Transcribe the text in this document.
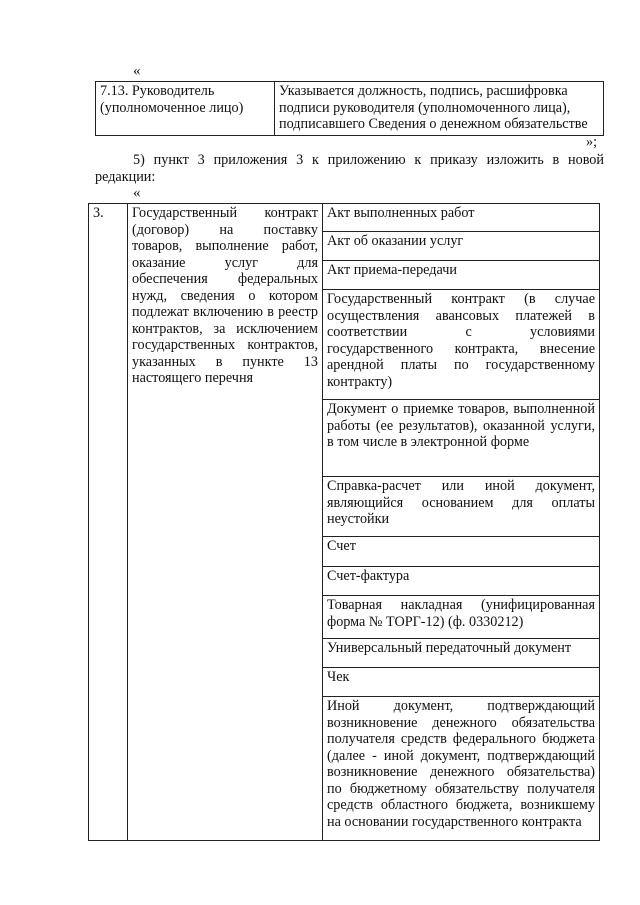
«
7.13. Руководитель (уполномоченное лицо)	Указывается должность, подпись, расшифровка подписи руководителя (уполномоченного лица), подписавшего Сведения о денежном обязательстве
»;
5) пункт 3 приложения 3 к приложению к приказу изложить в новой редакции:
«
3.	Государственный контракт (договор) на поставку товаров, выполнение работ, оказание услуг для обеспечения федеральных нужд, сведения о котором подлежат включению в реестр контрактов, за исключением государственных контрактов, указанных в пункте 13 настоящего перечня	Акт выполненных работ
Акт об оказании услуг
Акт приема-передачи
Государственный контракт (в случае осуществления авансовых платежей в соответствии с условиями государственного контракта, внесение арендной платы по государственному контракту)
Документ о приемке товаров, выполненной работы (ее результатов), оказанной услуги, в том числе в электронной форме
Справка-расчет или иной документ, являющийся основанием для оплаты неустойки
Счет
Счет-фактура
Товарная накладная (унифицированная форма № ТОРГ-12) (ф. 0330212)
Универсальный передаточный документ
Чек
Иной документ, подтверждающий возникновение денежного обязательства получателя средств федерального бюджета (далее - иной документ, подтверждающий возникновение денежного обязательства) по бюджетному обязательству получателя средств областного бюджета, возникшему на основании государственного контракта
